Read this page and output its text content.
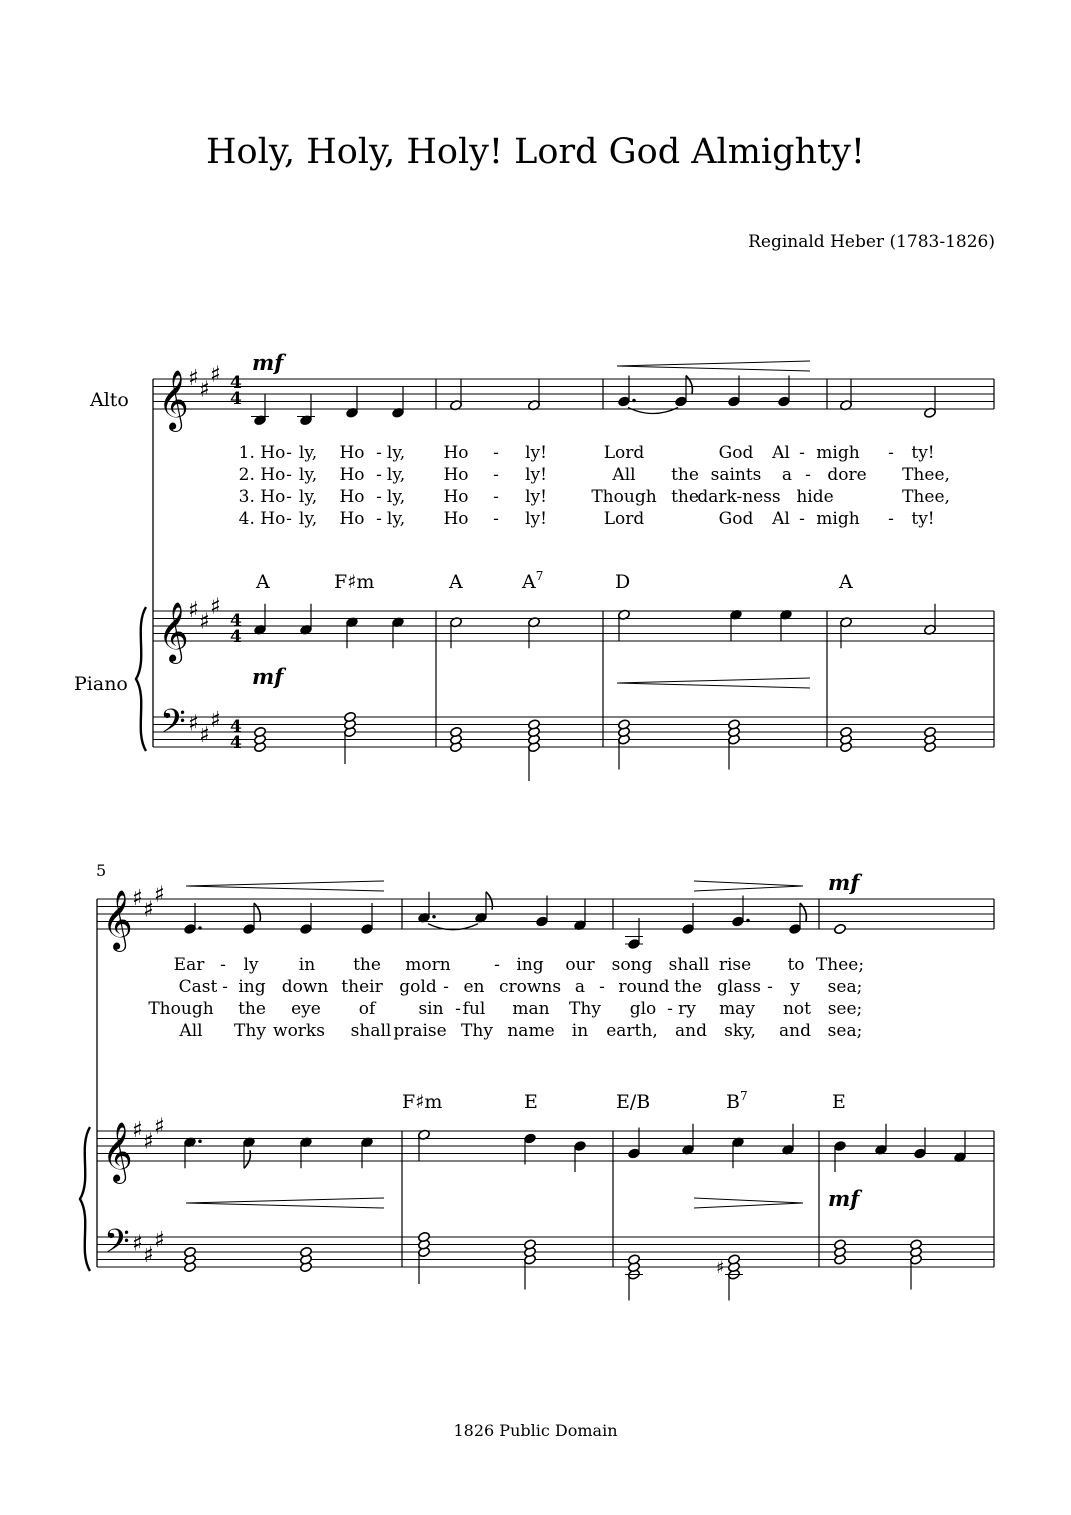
Holy, Holy, Holy! Lord God Almighty!
Reginald Heber (1783-1826)
1826 Public Domain
Alto
Piano
5
mf
mf
mf
mf
4
4
4
4
4
4
A	F♯m	A	$A^7$	D	A
F♯m	E	E/B	$B^7$	E
𝄞
𝄞
𝄢
♯ ♯
♯
♯ ♯
♯
♯ ♯
♯
𝄞
𝄞
𝄢
♯ ♯
♯
♯ ♯
♯
♯ ♯
♯
♯
1. Ho - ly, Ho - ly, Ho - ly!	Lord	God Al - migh - ty!
2. Ho - ly, Ho - ly, Ho - ly!	All the saints a - dore Thee,
3. Ho - ly, Ho - ly, Ho - ly!	Though the
dark-ness hide	Thee,
4. Ho - ly, Ho - ly, Ho - ly!	Lord	God Al - migh - ty!
Ear - ly in the morn	- ing our song shall rise to Thee;
Cast - ing down their gold - en crowns a - round the glass - y sea;
Though the eye of	sin - ful man Thy glo - ry may not see;
All Thy works shall praise Thy name in earth, and sky, and sea;
